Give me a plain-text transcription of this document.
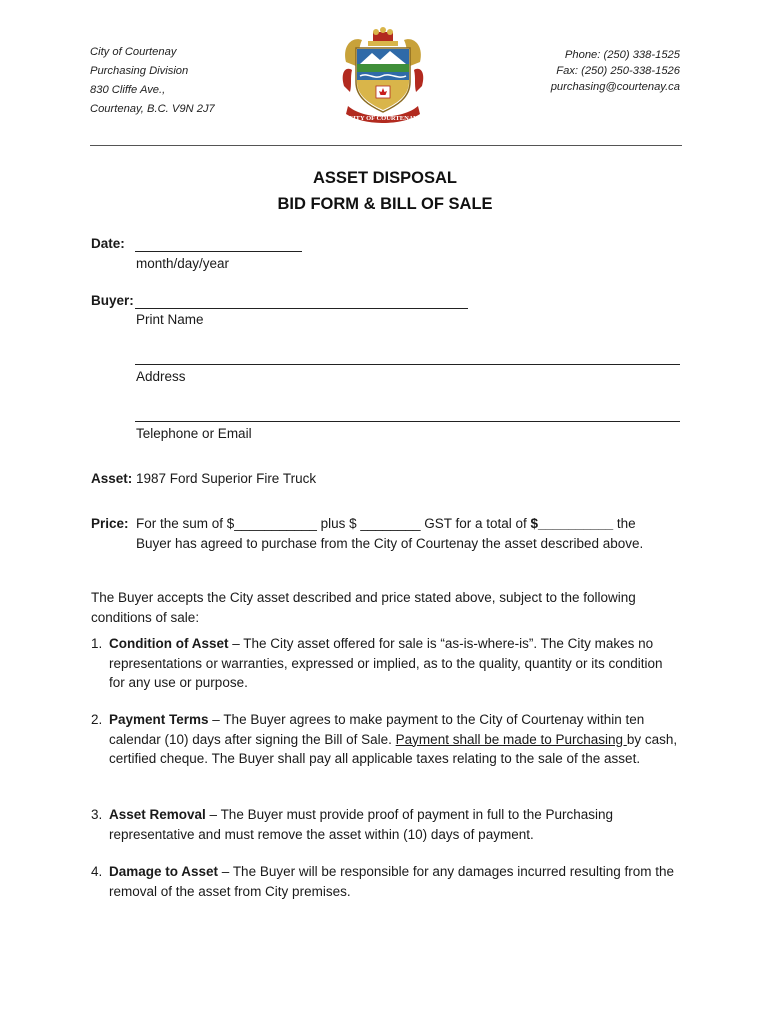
City of Courtenay
Purchasing Division
830 Cliffe Ave.,
Courtenay, B.C. V9N 2J7
CITY OF COURTENAY
Phone: (250) 338-1525
Fax: (250) 250-338-1526
purchasing@courtenay.ca
ASSET DISPOSAL
BID FORM & BILL OF SALE
Date:
month/day/year
Buyer:
Print Name
Address
Telephone or Email
Asset: 1987 Ford Superior Fire Truck
Price: For the sum of $___________ plus $ ________ GST for a total of $__________ the
Buyer has agreed to purchase from the City of Courtenay the asset described above.
The Buyer accepts the City asset described and price stated above, subject to the following conditions of sale:
1. Condition of Asset – The City asset offered for sale is “as-is-where-is”. The City makes no representations or warranties, expressed or implied, as to the quality, quantity or its condition for any use or purpose.
2. Payment Terms – The Buyer agrees to make payment to the City of Courtenay within ten calendar (10) days after signing the Bill of Sale. Payment shall be made to Purchasing by cash, certified cheque. The Buyer shall pay all applicable taxes relating to the sale of the asset.
3. Asset Removal – The Buyer must provide proof of payment in full to the Purchasing representative and must remove the asset within (10) days of payment.
4. Damage to Asset – The Buyer will be responsible for any damages incurred resulting from the removal of the asset from City premises.
